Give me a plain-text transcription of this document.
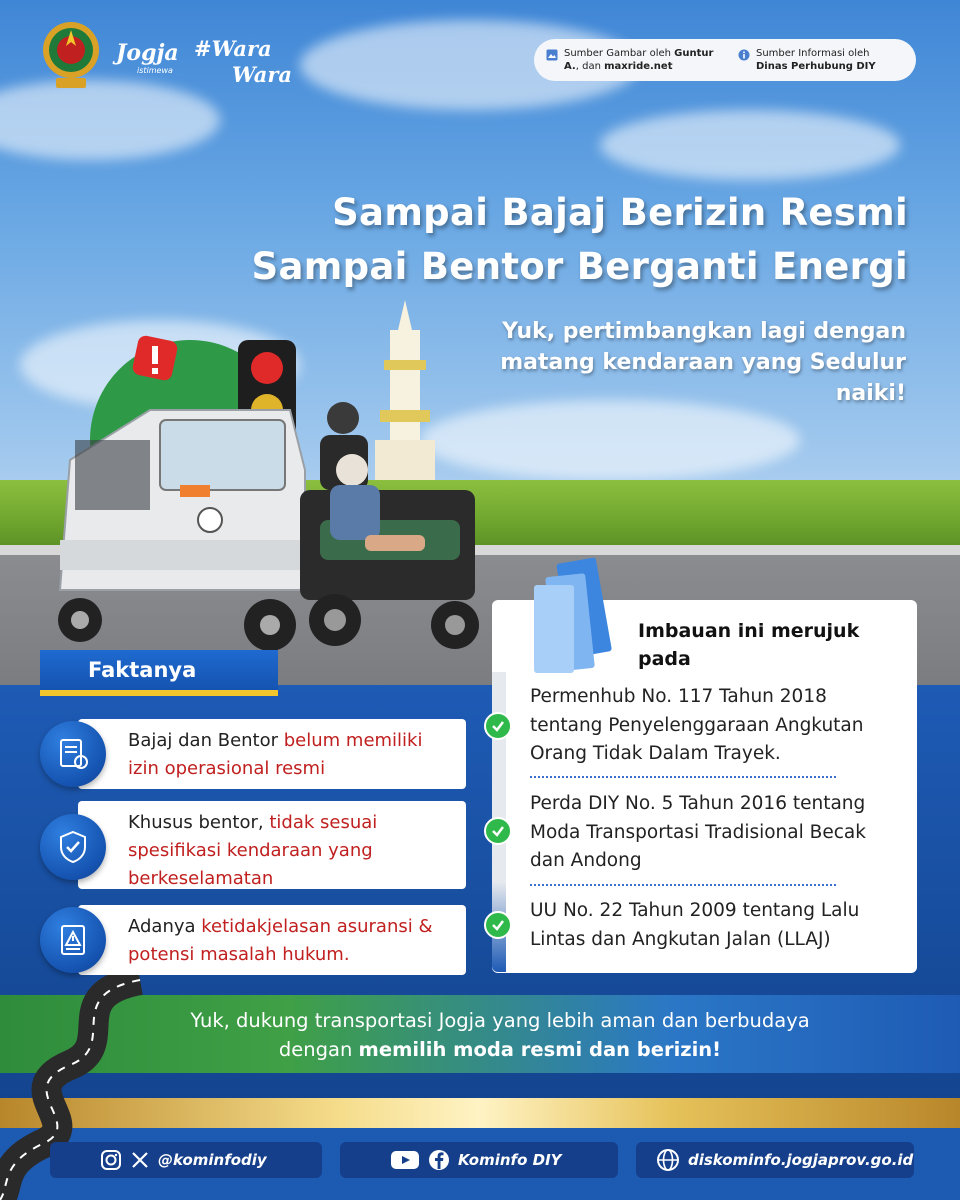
Jogja
istimewa
#Wara
Wara
Sumber Gambar oleh Guntur
A., dan maxride.net
Sumber Informasi oleh
Dinas Perhubung DIY
Sampai Bajaj Berizin Resmi
Sampai Bentor Berganti Energi
Yuk, pertimbangkan lagi dengan matang kendaraan yang Sedulur naiki!
Faktanya
Bajaj dan Bentor belum memiliki izin operasional resmi
Khusus bentor, tidak sesuai spesifikasi kendaraan yang berkeselamatan
Adanya ketidakjelasan asuransi & potensi masalah hukum.
Imbauan ini merujuk pada
Permenhub No. 117 Tahun 2018 tentang Penyelenggaraan Angkutan Orang Tidak Dalam Trayek.
Perda DIY No. 5 Tahun 2016 tentang Moda Transportasi Tradisional Becak dan Andong
UU No. 22 Tahun 2009 tentang Lalu Lintas dan Angkutan Jalan (LLAJ)
Yuk, dukung transportasi Jogja yang lebih aman dan berbudaya
dengan memilih moda resmi dan berizin!
@kominfodiy	Kominfo DIY	diskominfo.jogjaprov.go.id
